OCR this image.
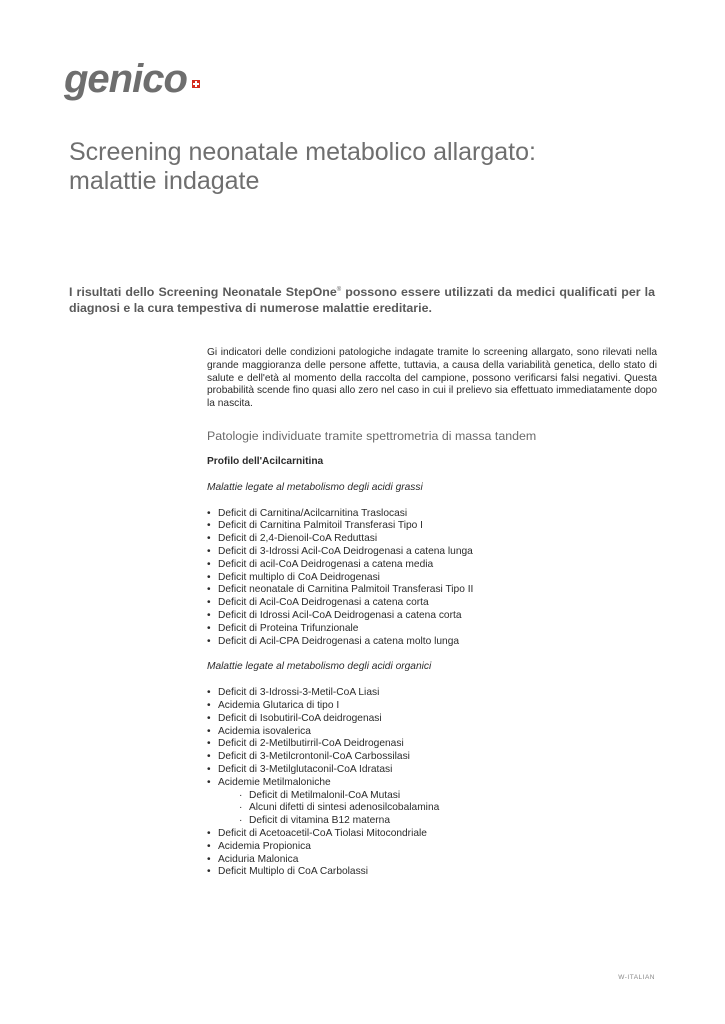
genico
Screening neonatale metabolico allargato:
malattie indagate

I risultati dello Screening Neonatale StepOne® possono essere utilizzati da medici qualificati per la diagnosi e la cura tempestiva di numerose malattie ereditarie.

Gi indicatori delle condizioni patologiche indagate tramite lo screening allargato, sono rilevati nella grande maggioranza delle persone affette, tuttavia, a causa della variabilità genetica, dello stato di salute e dell'età al momento della raccolta del campione, possono verificarsi falsi negativi. Questa probabilità scende fino quasi allo zero nel caso in cui il prelievo sia effettuato immediatamente dopo la nascita.

Patologie individuate tramite spettrometria di massa tandem
Profilo dell'Acilcarnitina
Malattie legate al metabolismo degli acidi grassi
• Deficit di Carnitina/Acilcarnitina Traslocasi
• Deficit di Carnitina Palmitoil Transferasi Tipo I
• Deficit di 2,4-Dienoil-CoA Reduttasi
• Deficit di 3-Idrossi Acil-CoA Deidrogenasi a catena lunga
• Deficit di acil-CoA Deidrogenasi a catena media
• Deficit multiplo di CoA Deidrogenasi
• Deficit neonatale di Carnitina Palmitoil Transferasi Tipo II
• Deficit di Acil-CoA Deidrogenasi a catena corta
• Deficit di Idrossi Acil-CoA Deidrogenasi a catena corta
• Deficit di Proteina Trifunzionale
• Deficit di Acil-CPA Deidrogenasi a catena molto lunga
Malattie legate al metabolismo degli acidi organici
• Deficit di 3-Idrossi-3-Metil-CoA Liasi
• Acidemia Glutarica di tipo I
• Deficit di Isobutiril-CoA deidrogenasi
• Acidemia isovalerica
• Deficit di 2-Metilbutirril-CoA Deidrogenasi
• Deficit di 3-Metilcrontonil-CoA Carbossilasi
• Deficit di 3-Metilglutaconil-CoA Idratasi
• Acidemie Metilmaloniche
· Deficit di Metilmalonil-CoA Mutasi
· Alcuni difetti di sintesi adenosilcobalamina
· Deficit di vitamina B12 materna
• Deficit di Acetoacetil-CoA Tiolasi Mitocondriale
• Acidemia Propionica
• Aciduria Malonica
• Deficit Multiplo di CoA Carbolassi
W-ITALIAN
